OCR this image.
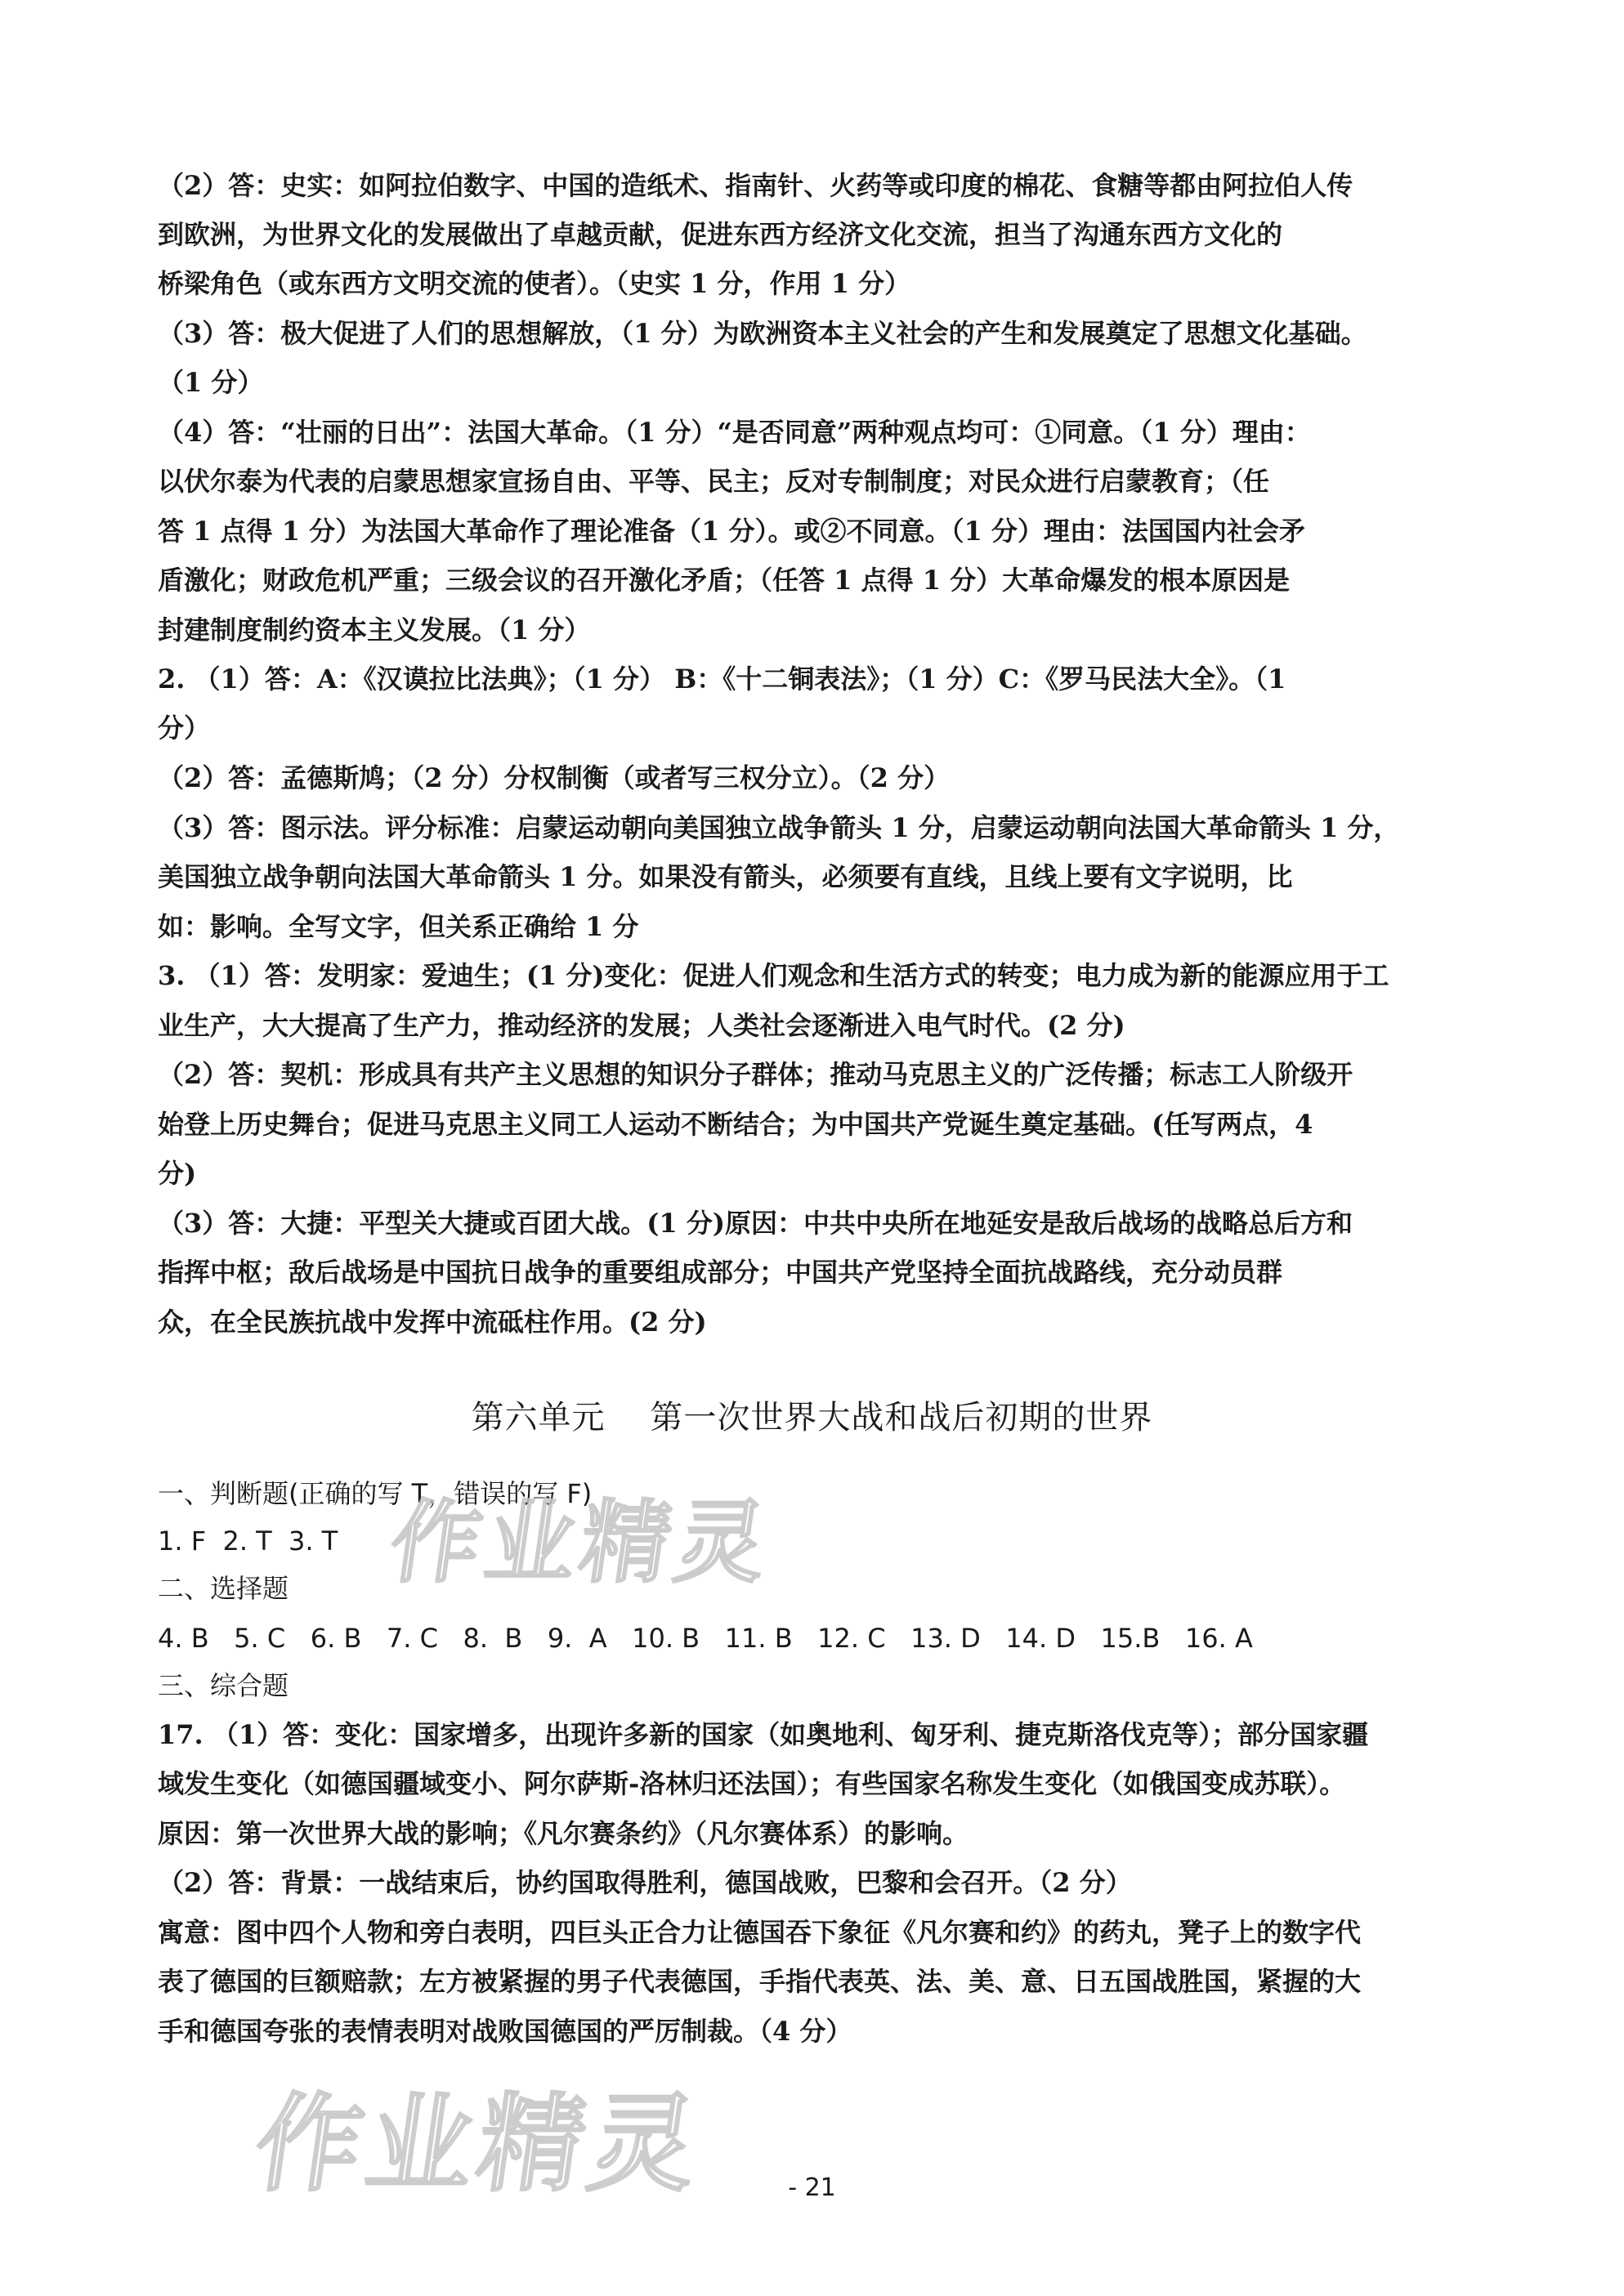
（2）答：史实：如阿拉伯数字、中国的造纸术、指南针、火药等或印度的棉花、食糖等都由阿拉伯人传
到欧洲，为世界文化的发展做出了卓越贡献，促进东西方经济文化交流，担当了沟通东西方文化的
桥梁角色（或东西方文明交流的使者）。（史实 1 分，作用 1 分）
（3）答：极大促进了人们的思想解放，（1 分）为欧洲资本主义社会的产生和发展奠定了思想文化基础。
（1 分）
（4）答：“壮丽的日出”：法国大革命。（1 分）“是否同意”两种观点均可：①同意。（1 分）理由：
以伏尔泰为代表的启蒙思想家宣扬自由、平等、民主；反对专制制度；对民众进行启蒙教育；（任
答 1 点得 1 分）为法国大革命作了理论准备（1 分）。或②不同意。（1 分）理由：法国国内社会矛
盾激化；财政危机严重；三级会议的召开激化矛盾；（任答 1 点得 1 分）大革命爆发的根本原因是
封建制度制约资本主义发展。（1 分）
2. （1）答：A：《汉谟拉比法典》；（1 分） B：《十二铜表法》；（1 分）C：《罗马民法大全》。（1
分）
（2）答：孟德斯鸠；（2 分）分权制衡（或者写三权分立）。（2 分）
（3）答：图示法。评分标准：启蒙运动朝向美国独立战争箭头 1 分，启蒙运动朝向法国大革命箭头 1 分，
美国独立战争朝向法国大革命箭头 1 分。如果没有箭头，必须要有直线，且线上要有文字说明，比
如：影响。全写文字，但关系正确给 1 分
3. （1）答：发明家：爱迪生；(1 分)变化：促进人们观念和生活方式的转变；电力成为新的能源应用于工
业生产，大大提高了生产力，推动经济的发展；人类社会逐渐进入电气时代。(2 分)
（2）答：契机：形成具有共产主义思想的知识分子群体；推动马克思主义的广泛传播；标志工人阶级开
始登上历史舞台；促进马克思主义同工人运动不断结合；为中国共产党诞生奠定基础。(任写两点，4
分)
（3）答：大捷：平型关大捷或百团大战。(1 分)原因：中共中央所在地延安是敌后战场的战略总后方和
指挥中枢；敌后战场是中国抗日战争的重要组成部分；中国共产党坚持全面抗战路线，充分动员群
众，在全民族抗战中发挥中流砥柱作用。(2 分)
第六单元    第一次世界大战和战后初期的世界
一、判断题(正确的写 T，错误的写 F)
1. F  2. T  3. T
二、选择题
4. B   5. C   6. B   7. C   8.  B   9.  A   10. B   11. B   12. C   13. D   14. D   15.B   16. A
三、综合题
17. （1）答：变化：国家增多，出现许多新的国家（如奥地利、匈牙利、捷克斯洛伐克等）；部分国家疆
域发生变化（如德国疆域变小、阿尔萨斯-洛林归还法国）；有些国家名称发生变化（如俄国变成苏联）。
原因：第一次世界大战的影响；《凡尔赛条约》（凡尔赛体系）的影响。
（2）答：背景：一战结束后，协约国取得胜利，德国战败，巴黎和会召开。（2 分）
寓意：图中四个人物和旁白表明，四巨头正合力让德国吞下象征《凡尔赛和约》的药丸，凳子上的数字代
表了德国的巨额赔款；左方被紧握的男子代表德国，手指代表英、法、美、意、日五国战胜国，紧握的大
手和德国夸张的表情表明对战败国德国的严厉制裁。（4 分）
作业精灵
作业精灵	- 21
